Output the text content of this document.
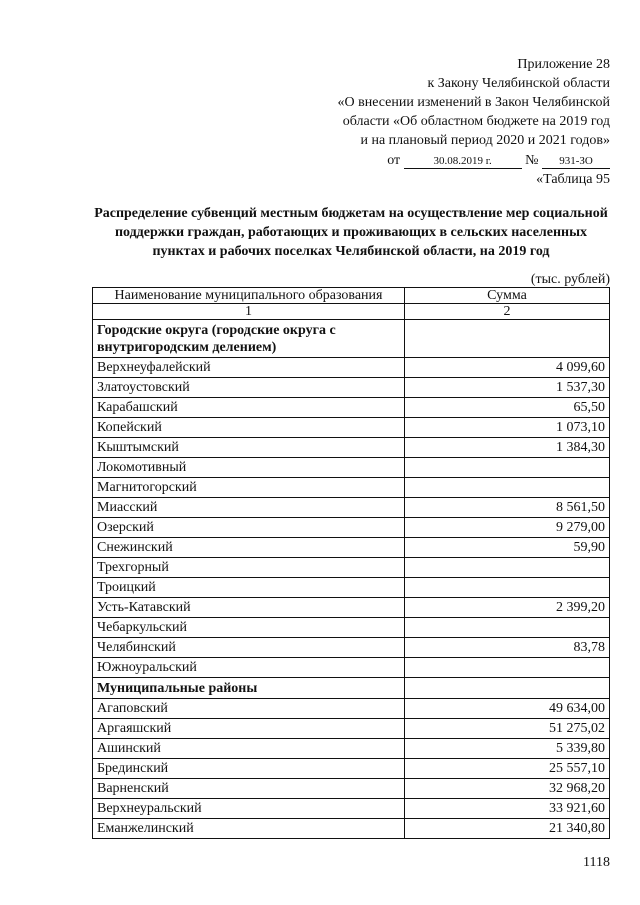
Приложение 28
к Закону Челябинской области
«О внесении изменений в Закон Челябинской
области «Об областном бюджете на 2019 год
и на плановый период 2020 и 2021 годов»
от	30.08.2019 г. № 931-ЗО
«Таблица 95
Распределение субвенций местным бюджетам на осуществление мер социальной поддержки граждан, работающих и проживающих в сельских населенных пунктах и рабочих поселках Челябинской области, на 2019 год
(тыс. рублей)
Наименование муниципального образования	Сумма
1	2
Городские округа (городские округа с внутригородским делением)	
Верхнеуфалейский	4 099,60
Златоустовский	1 537,30
Карабашский	65,50
Копейский	1 073,10
Кыштымский	1 384,30
Локомотивный	
Магнитогорский	
Миасский	8 561,50
Озерский	9 279,00
Снежинский	59,90
Трехгорный	
Троицкий	
Усть-Катавский	2 399,20
Чебаркульский	
Челябинский	83,78
Южноуральский	
Муниципальные районы	
Агаповский	49 634,00
Аргаяшский	51 275,02
Ашинский	5 339,80
Брединский	25 557,10
Варненский	32 968,20
Верхнеуральский	33 921,60
Еманжелинский	21 340,80
1118
